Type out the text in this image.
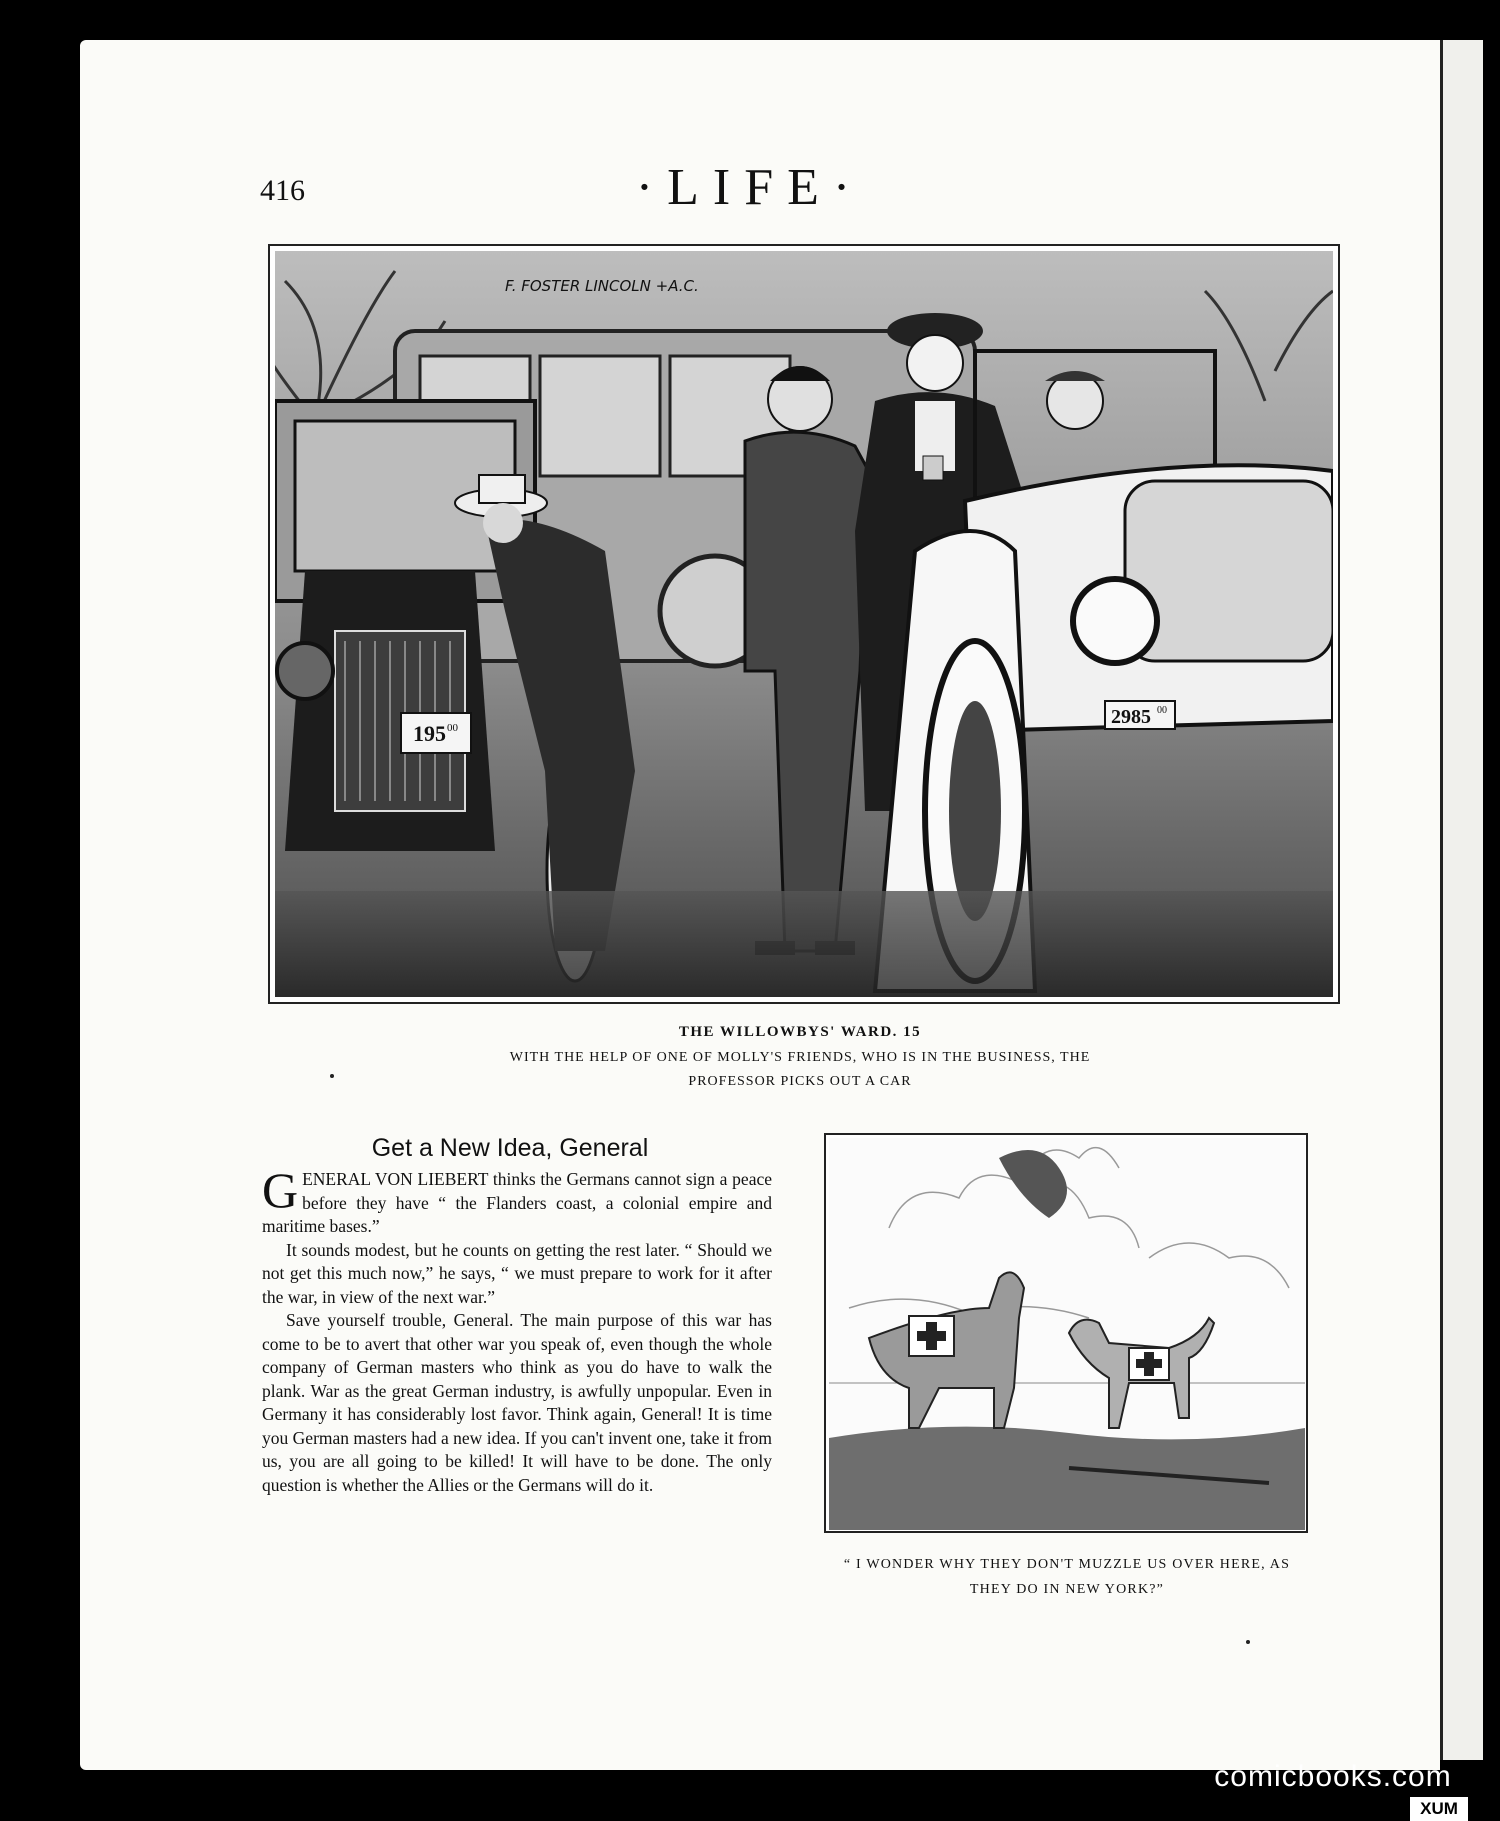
416	·LIFE·
195 00	2985 00
F. FOSTER LINCOLN +A.C.
THE WILLOWBYS' WARD. 15
WITH THE HELP OF ONE OF MOLLY'S FRIENDS, WHO IS IN THE BUSINESS, THE
PROFESSOR PICKS OUT A CAR
Get a New Idea, General

GENERAL VON LIEBERT thinks the Germans cannot sign a peace before they have “ the Flanders coast, a colonial empire and maritime bases.”

It sounds modest, but he counts on getting the rest later. “ Should we not get this much now,” he says, “ we must prepare to work for it after the war, in view of the next war.”

Save yourself trouble, General. The main purpose of this war has come to be to avert that other war you speak of, even though the whole company of German masters who think as you do have to walk the plank. War as the great German industry, is awfully unpopular. Even in Germany it has considerably lost favor. Think again, General! It is time you German masters had a new idea. If you can't invent one, take it from us, you are all going to be killed! It will have to be done. The only question is whether the Allies or the Germans will do it.

“ I WONDER WHY THEY DON'T MUZZLE US OVER HERE, AS
THEY DO IN NEW YORK?”
comicbooks.com
XUM
